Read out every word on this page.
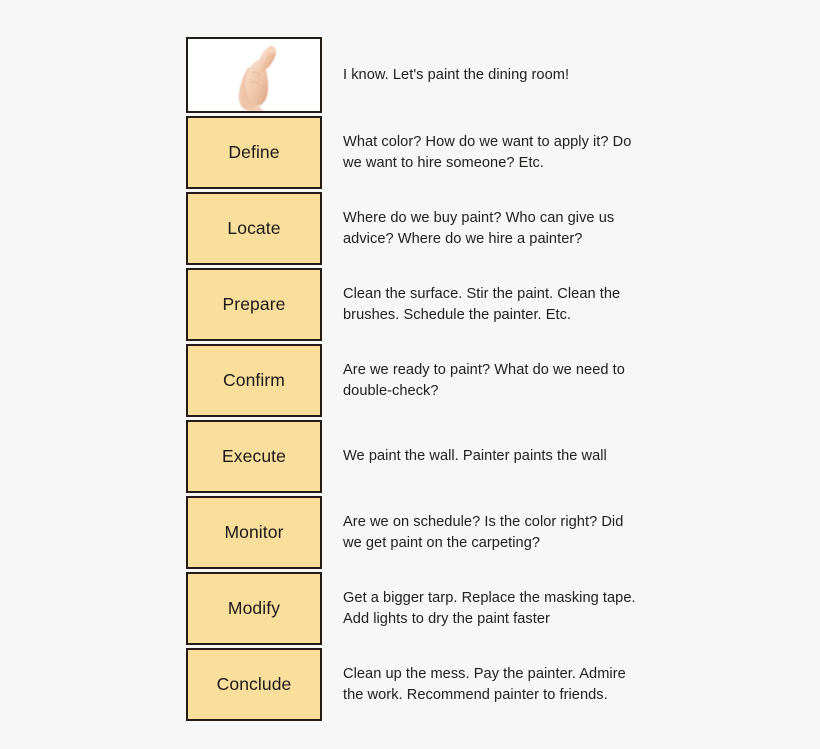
I know. Let's paint the dining room!
Define	What color? How do we want to apply it? Do we want to hire someone? Etc.
Locate	Where do we buy paint? Who can give us advice? Where do we hire a painter?
Prepare	Clean the surface. Stir the paint. Clean the brushes. Schedule the painter. Etc.
Confirm	Are we ready to paint? What do we need to double-check?
Execute	We paint the wall. Painter paints the wall
Monitor	Are we on schedule? Is the color right? Did we get paint on the carpeting?
Modify	Get a bigger tarp. Replace the masking tape. Add lights to dry the paint faster
Conclude	Clean up the mess. Pay the painter. Admire the work. Recommend painter to friends.
